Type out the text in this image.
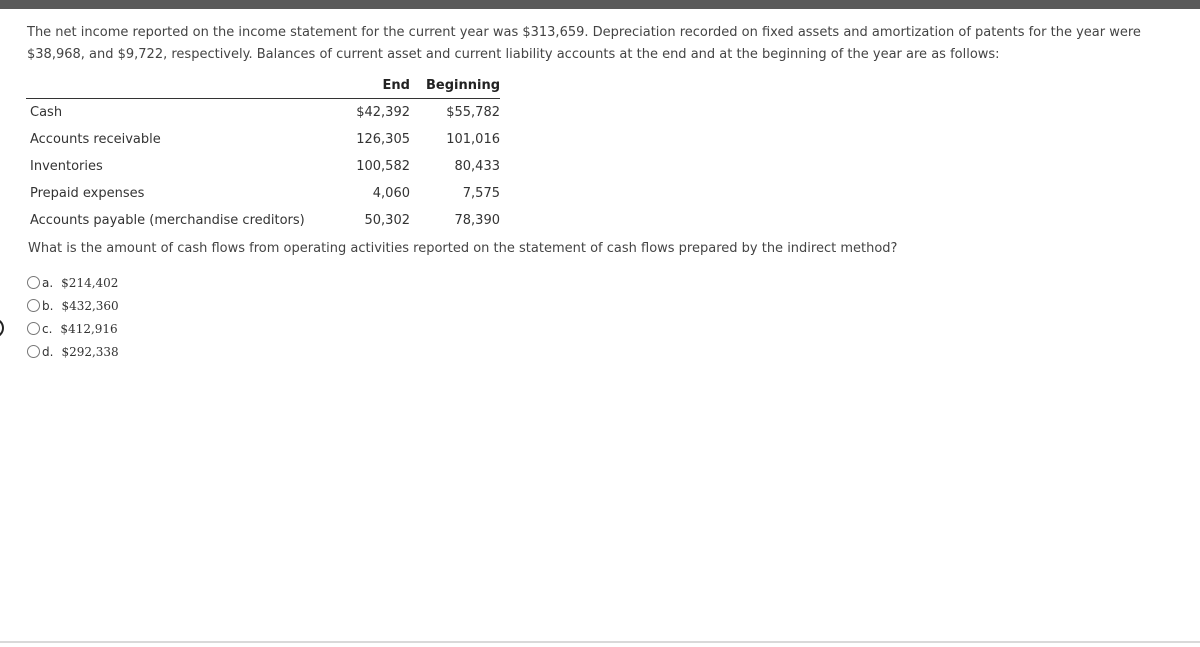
The net income reported on the income statement for the current year was $313,659. Depreciation recorded on fixed assets and amortization of patents for the year were $38,968, and $9,722, respectively. Balances of current asset and current liability accounts at the end and at the beginning of the year are as follows:
	End	Beginning
Cash	$42,392	$55,782
Accounts receivable	126,305	101,016
Inventories	100,582	80,433
Prepaid expenses	4,060	7,575
Accounts payable (merchandise creditors)	50,302	78,390
What is the amount of cash flows from operating activities reported on the statement of cash flows prepared by the indirect method?
a. $214,402
b. $432,360
c. $412,916
d. $292,338
